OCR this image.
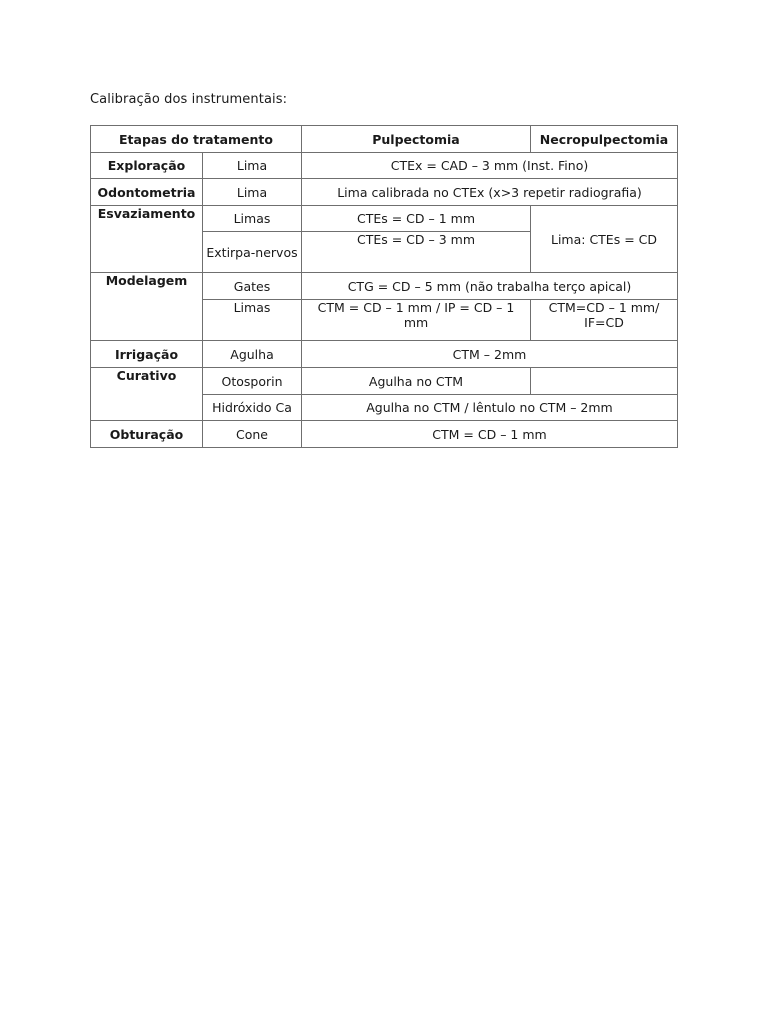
Calibração dos instrumentais:
Etapas do tratamento		Pulpectomia	Necropulpectomia
Exploração	Lima	CTEx = CAD – 3 mm (Inst. Fino)	
Odontometria	Lima	Lima calibrada no CTEx (x>3 repetir radiografia)	
Esvaziamento	Limas	CTEs = CD – 1 mm	Lima: CTEs = CD
	Extirpa-nervos	CTEs = CD – 3 mm	
Modelagem	Gates	CTG = CD – 5 mm (não trabalha terço apical)	
	Limas	CTM = CD – 1 mm / IP = CD – 1 mm	CTM=CD – 1 mm/ IF=CD
Irrigação	Agulha	CTM – 2mm	
Curativo	Otosporin	Agulha no CTM	
	Hidróxido Ca	Agulha no CTM / lêntulo no CTM – 2mm	
Obturação	Cone	CTM = CD – 1 mm	
